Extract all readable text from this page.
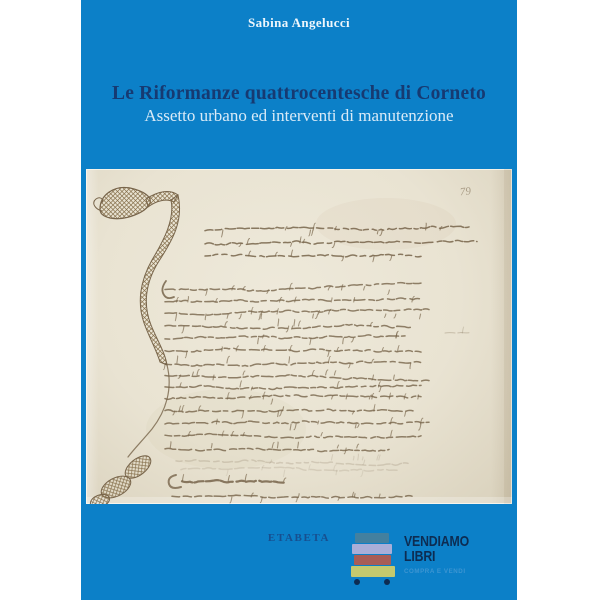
Sabina Angelucci
Le Riformanze quattrocentesche di Corneto
Assetto urbano ed interventi di manutenzione
79
ETABETA	VENDIAMO
LIBRI
COMPRA E VENDI
